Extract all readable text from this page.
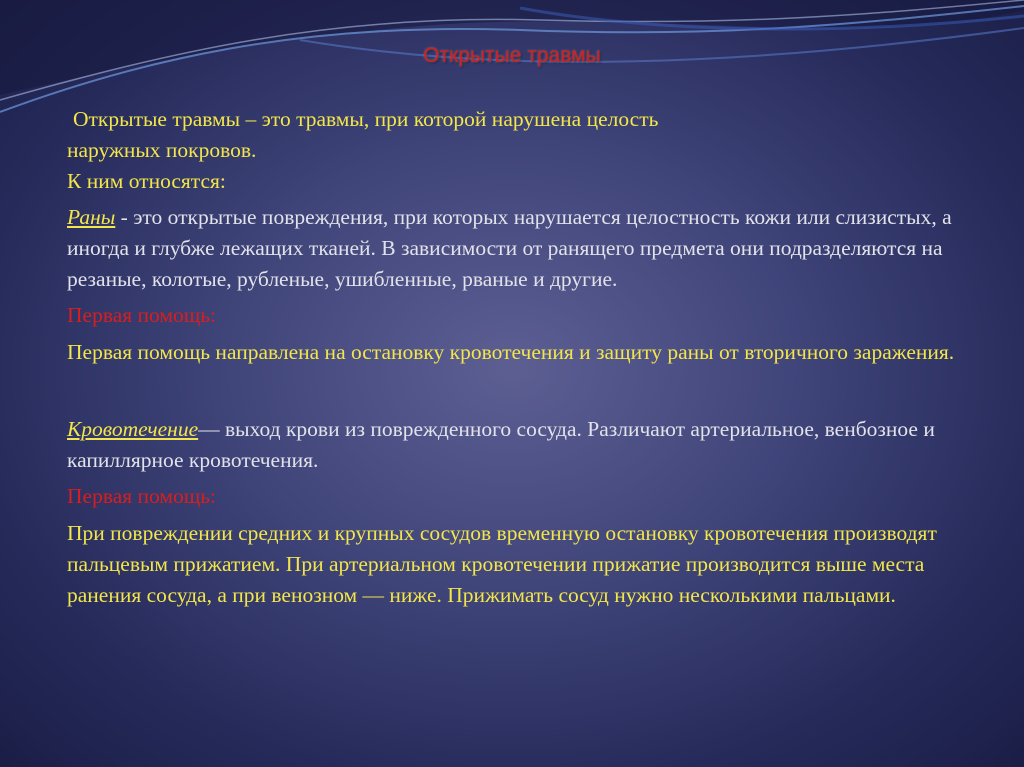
Открытые травмы

Открытые травмы – это травмы, при которой нарушена целость

наружных покровов.

К ним относятся:

Раны - это открытые повреждения, при которых нарушается целостность кожи или слизистых, а иногда и глубже лежащих тканей. В зависимости от ранящего предмета они подразделяются на резаные, колотые, рубленые, ушибленные, рваные и другие.

Первая помощь:

Первая помощь направлена на остановку кровотечения и защиту раны от вторичного заражения.

Кровотечение— выход крови из поврежденного сосуда. Различают артериальное, венбозное и капиллярное кровотечения.

Первая помощь:

При повреждении средних и крупных сосудов временную остановку кровотечения производят пальцевым прижатием. При артериальном кровотечении прижатие производится выше места ранения сосуда, а при венозном — ниже. Прижимать сосуд нужно несколькими пальцами.
